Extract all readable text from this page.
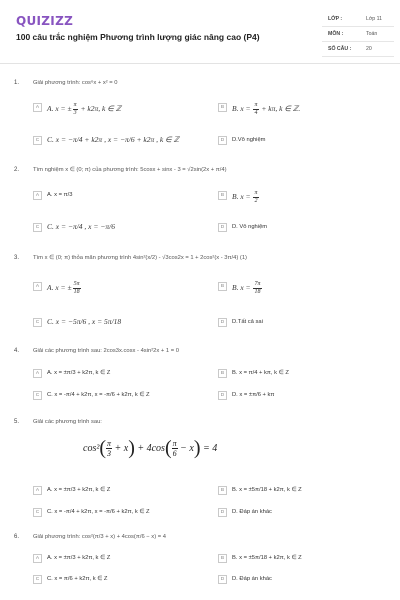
QUIZIZZ
100 câu trắc nghiệm Phương trình lượng giác nâng cao (P4)
LỚP :	Lớp 11
MÔN :	Toán
SỐ CÂU :	20
1. Giải phương trình: cos⁶x + x² = 0
A	A. x = ± $\frac{\pi}{3} + k2\pi$, k ∈ ℤ	B	B. $x = \frac{\pi}{4} + k\pi$, k ∈ ℤ.
C	C. x = −π/4 + k2π , x = −π/6 + k2π , k ∈ ℤ	D	D.Vô nghiệm
2. Tìm nghiệm x ∈ (0; π) của phương trình: 5cosx + sinx - 3 = √2sin(2x + π/4)
A	A. x = π/3	B	B. $x = \frac{\pi}{2}$
C	C. x = −π/4 , x = −π/6	D	D. Vô nghiệm
3. Tìm x ∈ (0; π) thỏa mãn phương trình 4sin²(x/2) - √3cos2x = 1 + 2cos²(x - 3π/4) (1)
A	A. x = ± $\frac{5\pi}{18}$	B	B. $x = \frac{7\pi}{18}$
C	C. x = −5π/6 , x = 5π/18	D	D.Tất cả sai
4. Giải các phương trình sau: 2cos3x.cosx - 4sin²2x + 1 = 0
A	A. x = ±π/3 + k2π, k ∈ Z	B	B. x = π/4 + kπ, k ∈ Z
C	C. x = -π/4 + k2π, x = -π/6 + k2π, k ∈ Z	D	D. x = ±π/6 + kπ
5. Giải các phương trình sau:
$\cos^2( \frac{\pi}{3} + x) + 4\cos( \frac{\pi}{6} - x) = 4$
A	A. x = ±π/3 + k2π, k ∈ Z	B	B. x = ±5π/18 + k2π, k ∈ Z
C	C. x = -π/4 + k2π, x = -π/6 + k2π, k ∈ Z	D	D. Đáp án khác
6. Giải phương trình: cos²(π/3 + x) + 4cos(π/6 − x) = 4
A	A. x = ±π/3 + k2π, k ∈ Z	B	B. x = ±5π/18 + k2π, k ∈ Z
C	C. x = π/6 + k2π, k ∈ Z	D	D. Đáp án khác
